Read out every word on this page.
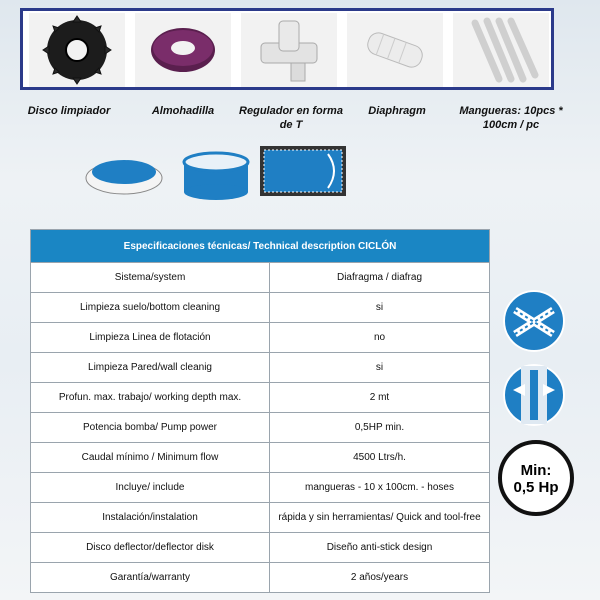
Disco limpiador	Almohadilla	Regulador en forma de T
Diaphragm	Mangueras: 10pcs * 100cm / pc
Especificaciones técnicas/ Technical description CICLÓN	
Sistema/system	Diafragma / diafrag
Limpieza suelo/bottom cleaning	si
Limpieza Linea de flotación	no
Limpieza Pared/wall cleanig	si
Profun. max. trabajo/ working depth max.	2 mt
Potencia bomba/ Pump power	0,5HP min.
Caudal mínimo / Minimum flow	4500 Ltrs/h.
Incluye/ include	mangueras - 10 x 100cm. - hoses
Instalación/instalation	rápida y sin herramientas/ Quick and tool-free
Disco deflector/deflector disk	Diseño anti-stick design
Garantía/warranty	2 años/years
Min:
0,5 Hp
